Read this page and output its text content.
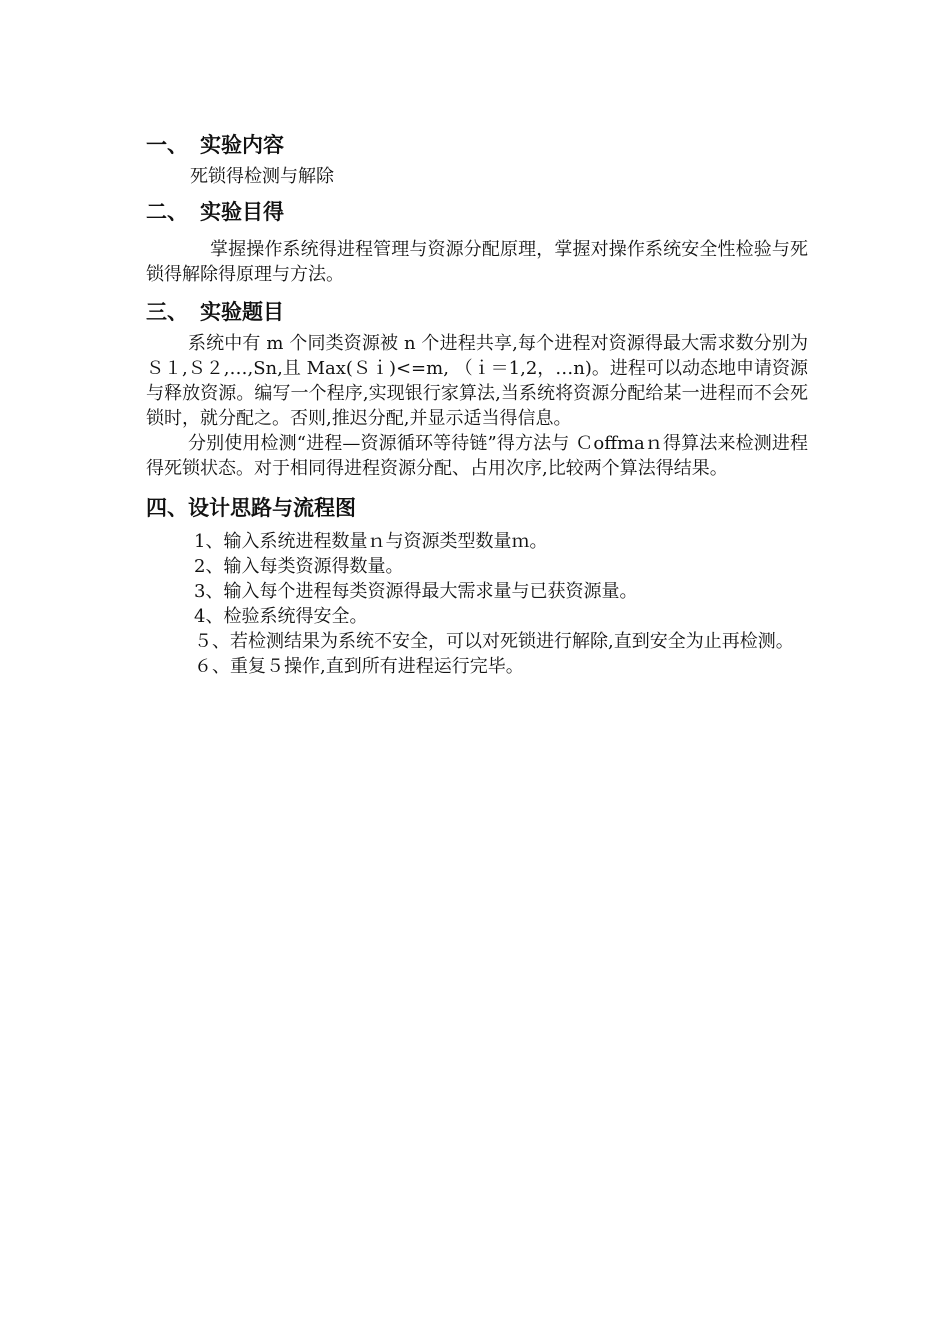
一、 实验内容

死锁得检测与解除

二、 实验目得

掌握操作系统得进程管理与资源分配原理，掌握对操作系统安全性检验与死锁得解除得原理与方法。

三、 实验题目

系统中有 m 个同类资源被 n 个进程共享,每个进程对资源得最大需求数分别为 Ｓ１,Ｓ２,…,Sn,且 Max(Ｓｉ)<=m, （ｉ＝1,2，…n)。进程可以动态地申请资源与释放资源。编写一个程序,实现银行家算法,当系统将资源分配给某一进程而不会死锁时，就分配之。否则,推迟分配,并显示适当得信息。

分别使用检测“进程—资源循环等待链”得方法与 Ｃoffmaｎ得算法来检测进程得死锁状态。对于相同得进程资源分配、占用次序,比较两个算法得结果。

四、设计思路与流程图

1、输入系统进程数量ｎ与资源类型数量ｍ。

2、输入每类资源得数量。

3、输入每个进程每类资源得最大需求量与已获资源量。

4、检验系统得安全。

５、若检测结果为系统不安全，可以对死锁进行解除,直到安全为止再检测。

６、重复５操作,直到所有进程运行完毕。
